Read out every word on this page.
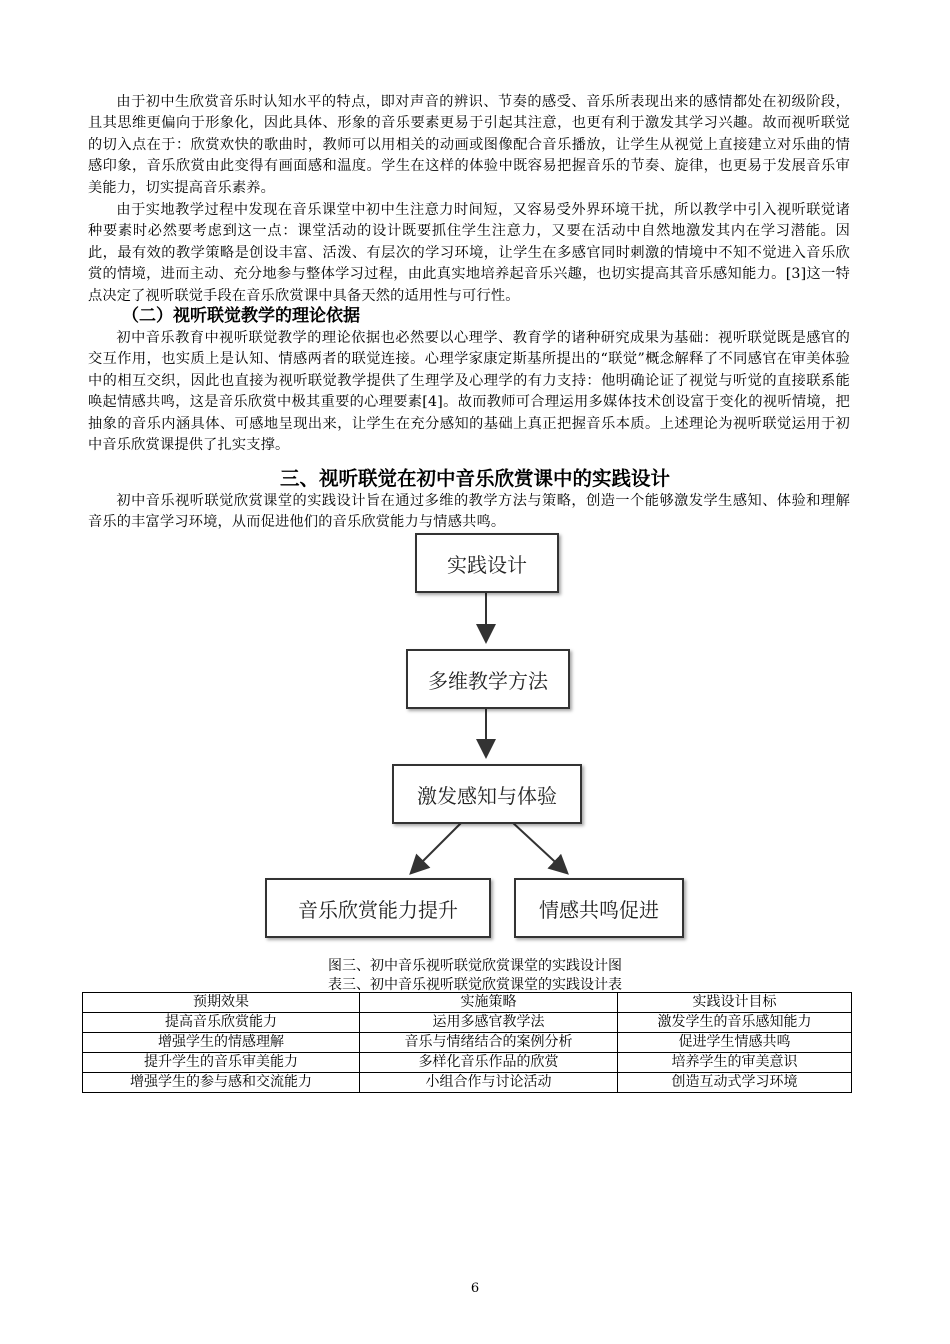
由于初中生欣赏音乐时认知水平的特点，即对声音的辨识、节奏的感受、音乐所表现出来的感情都处在初级阶段，且其思维更偏向于形象化，因此具体、形象的音乐要素更易于引起其注意，也更有利于激发其学习兴趣。故而视听联觉的切入点在于：欣赏欢快的歌曲时，教师可以用相关的动画或图像配合音乐播放，让学生从视觉上直接建立对乐曲的情感印象，音乐欣赏由此变得有画面感和温度。学生在这样的体验中既容易把握音乐的节奏、旋律，也更易于发展音乐审美能力，切实提高音乐素养。

由于实地教学过程中发现在音乐课堂中初中生注意力时间短，又容易受外界环境干扰，所以教学中引入视听联觉诸种要素时必然要考虑到这一点：课堂活动的设计既要抓住学生注意力，又要在活动中自然地激发其内在学习潜能。因此，最有效的教学策略是创设丰富、活泼、有层次的学习环境，让学生在多感官同时刺激的情境中不知不觉进入音乐欣赏的情境，进而主动、充分地参与整体学习过程，由此真实地培养起音乐兴趣，也切实提高其音乐感知能力。[3]这一特点决定了视听联觉手段在音乐欣赏课中具备天然的适用性与可行性。

（二）视听联觉教学的理论依据

初中音乐教育中视听联觉教学的理论依据也必然要以心理学、教育学的诸种研究成果为基础：视听联觉既是感官的交互作用，也实质上是认知、情感两者的联觉连接。心理学家康定斯基所提出的“联觉”概念解释了不同感官在审美体验中的相互交织，因此也直接为视听联觉教学提供了生理学及心理学的有力支持：他明确论证了视觉与听觉的直接联系能唤起情感共鸣，这是音乐欣赏中极其重要的心理要素[4]。故而教师可合理运用多媒体技术创设富于变化的视听情境，把抽象的音乐内涵具体、可感地呈现出来，让学生在充分感知的基础上真正把握音乐本质。上述理论为视听联觉运用于初中音乐欣赏课提供了扎实支撑。

三、视听联觉在初中音乐欣赏课中的实践设计

初中音乐视听联觉欣赏课堂的实践设计旨在通过多维的教学方法与策略，创造一个能够激发学生感知、体验和理解音乐的丰富学习环境，从而促进他们的音乐欣赏能力与情感共鸣。

实践设计
多维教学方法
激发感知与体验
音乐欣赏能力提升	情感共鸣促进

图三、初中音乐视听联觉欣赏课堂的实践设计图

表三、初中音乐视听联觉欣赏课堂的实践设计表

预期效果	实施策略	实践设计目标
提高音乐欣赏能力	运用多感官教学法	激发学生的音乐感知能力
增强学生的情感理解	音乐与情绪结合的案例分析	促进学生情感共鸣
提升学生的音乐审美能力	多样化音乐作品的欣赏	培养学生的审美意识
增强学生的参与感和交流能力	小组合作与讨论活动	创造互动式学习环境
6
